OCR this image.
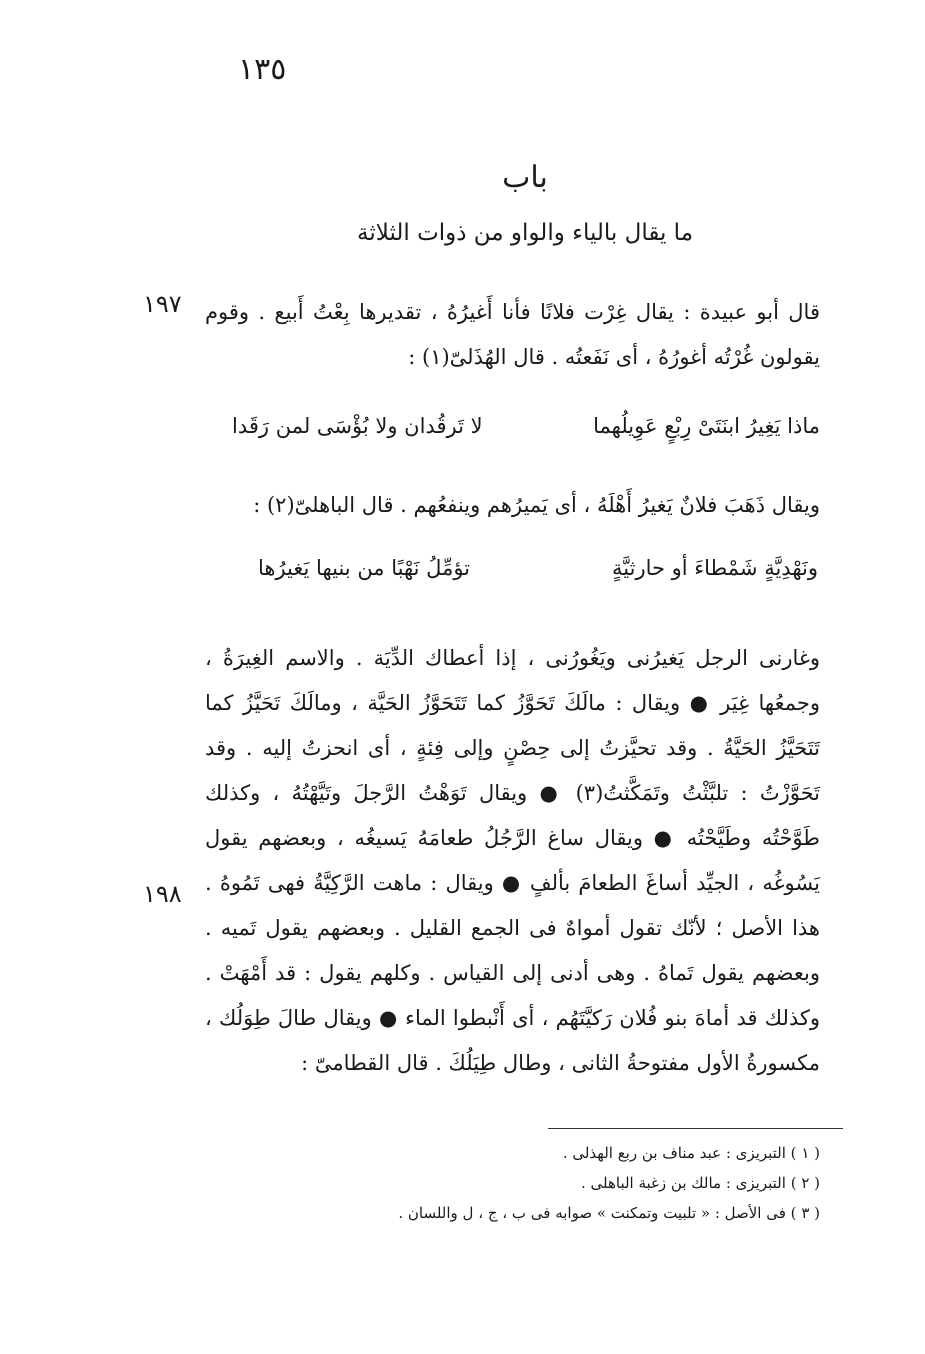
١٣٥
باب
ما يقال بالياء والواو من ذوات الثلاثة
١٩٧ قال أبو عبيدة : يقال غِرْت فلانًا فأنا أَغيرُهُ ، تقديرها بِعْتُ أَبيع . وقوم يقولون غُرْتُه أغورُهُ ، أى نَفَعتُه . قال الهُذَلىّ(١) :

ماذا يَغِيرُ ابنَتَىْ رِبْعٍ عَوِيلُهما
لا تَرقُدان ولا بُؤْسَى لمن رَقَدا

ويقال ذَهَبَ فلانٌ يَغيرُ أَهْلَهُ ، أى يَميرُهم وينفعُهم . قال الباهلىّ(٢) :

ونَهْدِيَّةٍ شَمْطاءَ أو حارثيَّةٍ
تؤمِّلُ نَهْبًا من بنيها يَغيرُها
١٩٨

وغارنى الرجل يَغيرُنى ويَغُورُنى ، إذا أعطاك الدِّيَة . والاسم الغِيرَةُ ، وجمعُها غِيَر ● ويقال : مالَكَ تَحَوَّزُ كما تَتَحَوَّزُ الحَيَّة ، ومالَكَ تَحَيَّزُ كما تَتَحَيَّزُ الحَيَّةُ . وقد تحيَّزتُ إلى حِصْنٍ وإلى فِئةٍ ، أى انحزتُ إليه . وقد تَحَوَّزْتُ : تلبَّثْتُ وتَمَكَّثتُ(٣) ● ويقال تَوَهْتُ الرَّجلَ وتَيَّهْتُهُ ، وكذلك طَوَّحْتُه وطَيَّحْتُه ● ويقال ساغ الرَّجُلُ طعامَهُ يَسيغُه ، وبعضهم يقول يَسُوغُه ، الجيِّد أساغَ الطعامَ بألفٍ ● ويقال : ماهت الرَّكِيَّةُ فهى تَمُوهُ . هذا الأصل ؛ لأنّك تقول أمواهٌ فى الجمع القليل . وبعضهم يقول تَميه . وبعضهم يقول تَماهُ . وهى أدنى إلى القياس . وكلهم يقول : قد أَمْهَتْ . وكذلك قد أماهَ بنو فُلان رَكيَّتَهُم ، أى أَنْبطوا الماء ● ويقال طالَ طِوَلُك ، مكسورةُ الأول مفتوحةُ الثانى ، وطال طِيَلُكَ . قال القطامىّ :

( ١ ) التبريزى : عبد مناف بن ربع الهذلى .
( ٢ ) التبريزى : مالك بن زغبة الباهلى .
( ٣ ) فى الأصل : « تلبيت وتمكنت » صوابه فى ب ، ج ، ل واللسان .
